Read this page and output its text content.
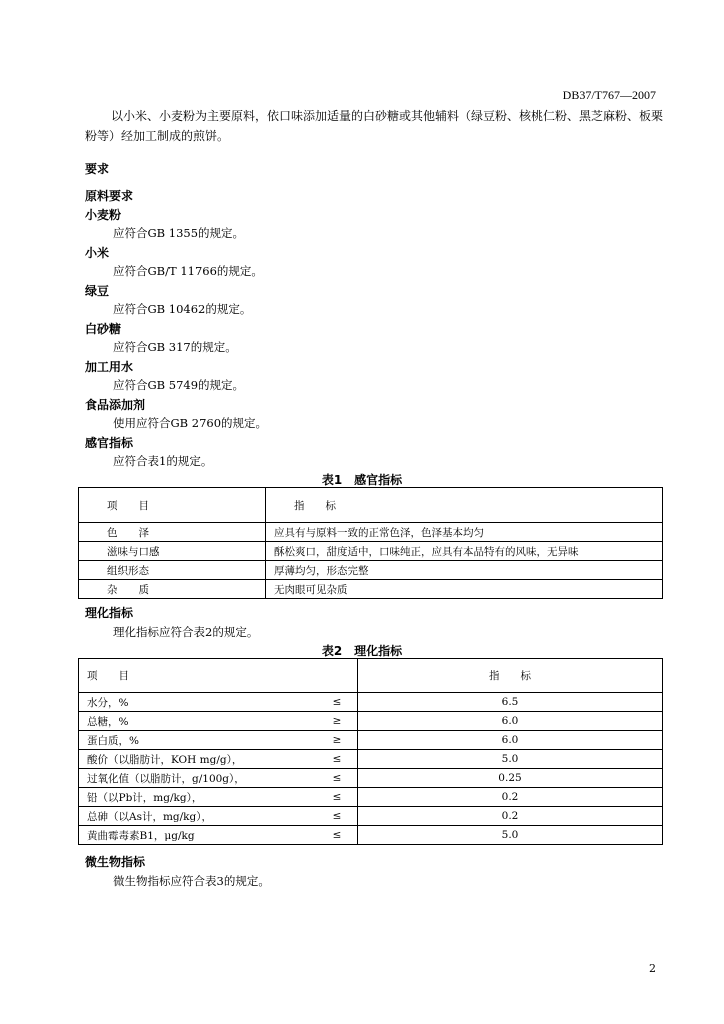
DB37/T767—2007
以小米、小麦粉为主要原料，依口味添加适量的白砂糖或其他辅料（绿豆粉、核桃仁粉、黑芝麻粉、板栗粉等）经加工制成的煎饼。
要求
原料要求
小麦粉
应符合GB 1355的规定。
小米
应符合GB/T 11766的规定。
绿豆
应符合GB 10462的规定。
白砂糖
应符合GB 317的规定。
加工用水
应符合GB 5749的规定。
食品添加剂
使用应符合GB 2760的规定。
感官指标
应符合表1的规定。
表1　感官指标
项　　目	指　　标
色　　泽	应具有与原料一致的正常色泽，色泽基本均匀
滋味与口感	酥松爽口，甜度适中，口味纯正，应具有本品特有的风味，无异味
组织形态	厚薄均匀，形态完整
杂　　质	无肉眼可见杂质
理化指标
理化指标应符合表2的规定。
表2　理化指标
项　　目		指　　标
水分，%	≤	6.5
总糖，%	≥	6.0
蛋白质，%	≥	6.0
酸价（以脂肪计，KOH mg/g），	≤	5.0
过氧化值（以脂肪计，g/100g），	≤	0.25
铅（以Pb计，mg/kg），	≤	0.2
总砷（以As计，mg/kg），	≤	0.2
黄曲霉毒素B1，μg/kg	≤	5.0
微生物指标
微生物指标应符合表3的规定。
2
